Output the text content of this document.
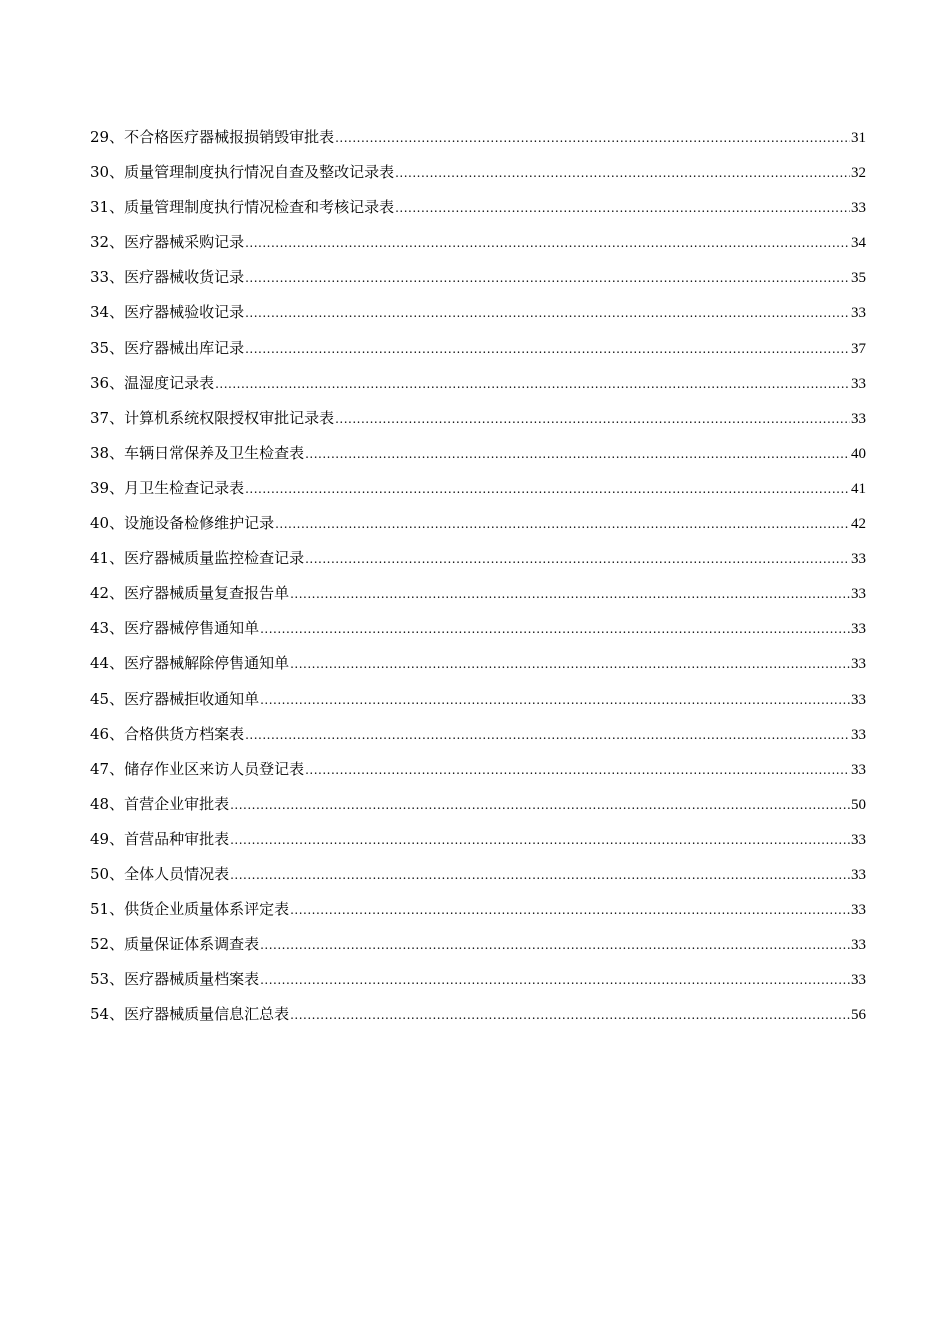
29、不合格医疗器械报损销毁审批表 .....	31
30、质量管理制度执行情况自查及整改记录表 .....	32
31、质量管理制度执行情况检查和考核记录表 .....	33
32、医疗器械采购记录 .....	34
33、医疗器械收货记录 .....	35
34、医疗器械验收记录 .....	33
35、医疗器械出库记录 .....	37
36、温湿度记录表 .....	33
37、计算机系统权限授权审批记录表 .....	33
38、车辆日常保养及卫生检查表 .....	40
39、月卫生检查记录表 .....	41
40、设施设备检修维护记录 .....	42
41、医疗器械质量监控检查记录 .....	33
42、医疗器械质量复查报告单 .....	33
43、医疗器械停售通知单 .....	33
44、医疗器械解除停售通知单 .....	33
45、医疗器械拒收通知单 .....	33
46、合格供货方档案表 .....	33
47、储存作业区来访人员登记表 .....	33
48、首营企业审批表 .....	50
49、首营品种审批表 .....	33
50、全体人员情况表 .....	33
51、供货企业质量体系评定表 .....	33
52、质量保证体系调查表 .....	33
53、医疗器械质量档案表 .....	33
54、医疗器械质量信息汇总表 .....	56
